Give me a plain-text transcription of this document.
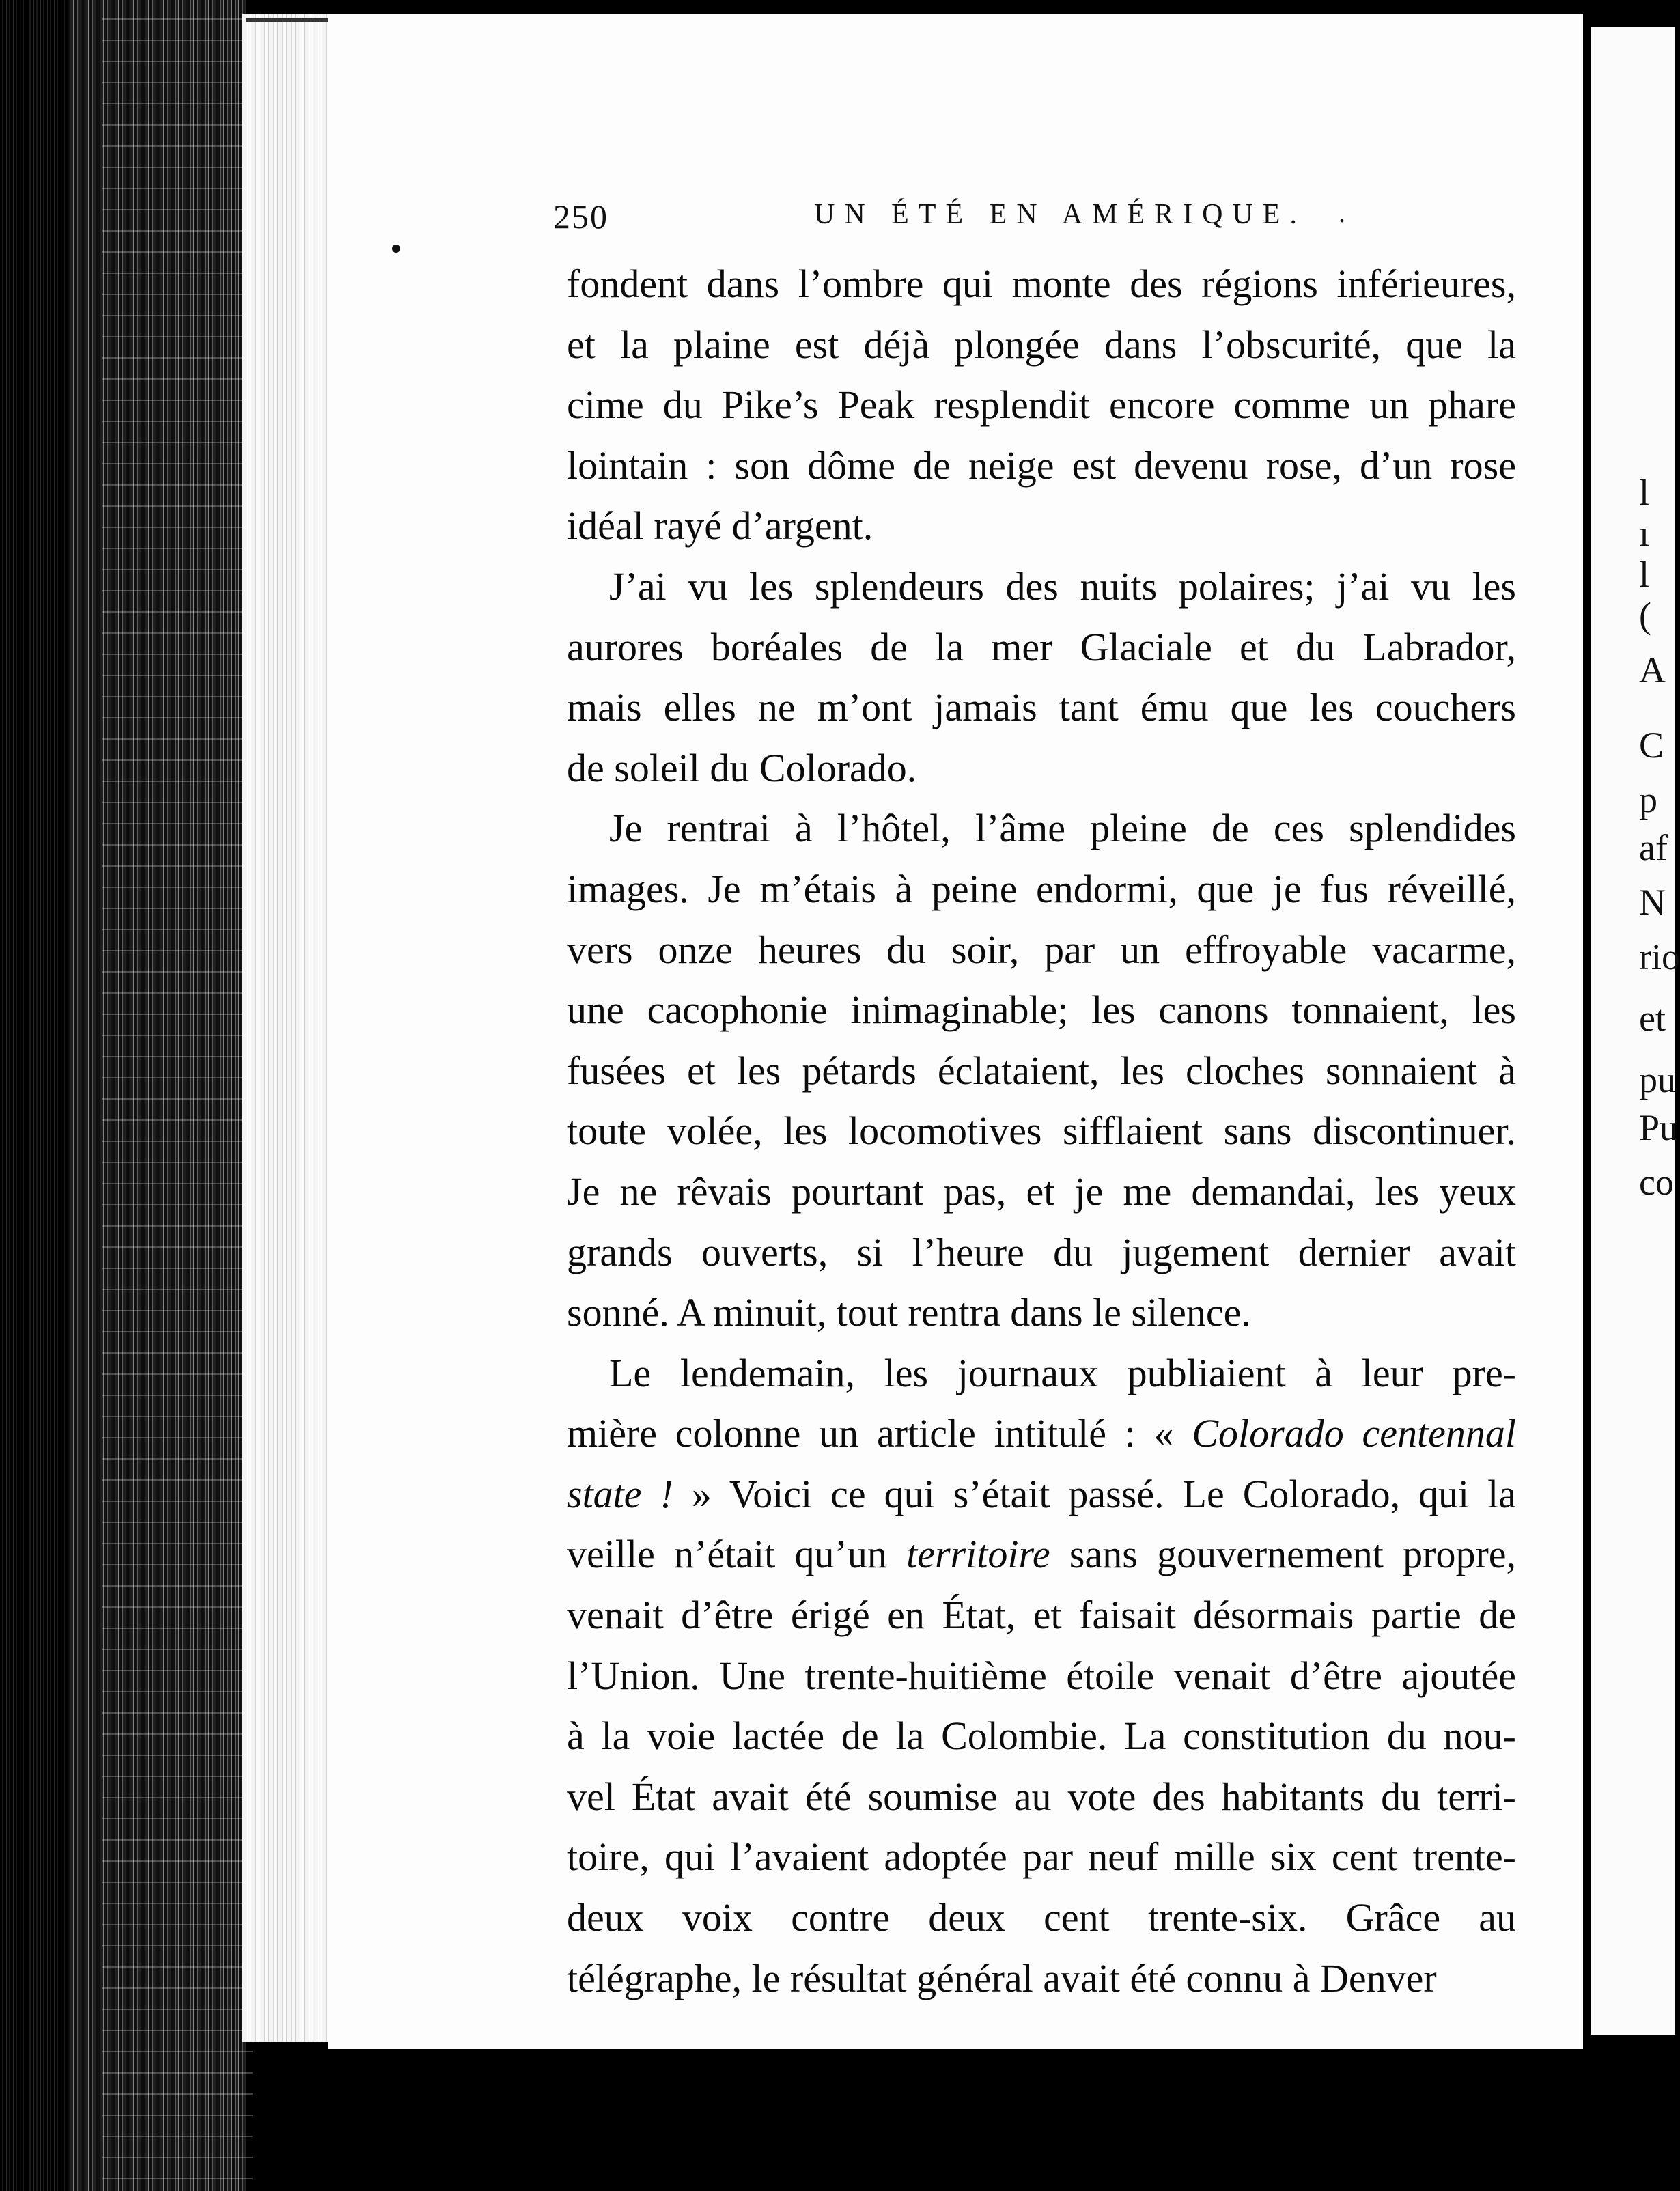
l
ı
l
(
A
C
p
af
N
rio
et
pu
Pu
co
250	UN ÉTÉ EN AMÉRIQUE. .
fondent dans l’ombre qui monte des régions inférieures,
et la plaine est déjà plongée dans l’obscurité, que la
cime du Pike’s Peak resplendit encore comme un phare
lointain : son dôme de neige est devenu rose, d’un rose
idéal rayé d’argent.
J’ai vu les splendeurs des nuits polaires; j’ai vu les
aurores boréales de la mer Glaciale et du Labrador,
mais elles ne m’ont jamais tant ému que les couchers
de soleil du Colorado.
Je rentrai à l’hôtel, l’âme pleine de ces splendides
images. Je m’étais à peine endormi, que je fus réveillé,
vers onze heures du soir, par un effroyable vacarme,
une cacophonie inimaginable; les canons tonnaient, les
fusées et les pétards éclataient, les cloches sonnaient à
toute volée, les locomotives sifflaient sans discontinuer.
Je ne rêvais pourtant pas, et je me demandai, les yeux
grands ouverts, si l’heure du jugement dernier avait
sonné. A minuit, tout rentra dans le silence.
Le lendemain, les journaux publiaient à leur pre-
mière colonne un article intitulé : « Colorado centennal
state ! » Voici ce qui s’était passé. Le Colorado, qui la
veille n’était qu’un territoire sans gouvernement propre,
venait d’être érigé en État, et faisait désormais partie de
l’Union. Une trente-huitième étoile venait d’être ajoutée
à la voie lactée de la Colombie. La constitution du nou-
vel État avait été soumise au vote des habitants du terri-
toire, qui l’avaient adoptée par neuf mille six cent trente-
deux voix contre deux cent trente-six. Grâce au
télégraphe, le résultat général avait été connu à Denver
